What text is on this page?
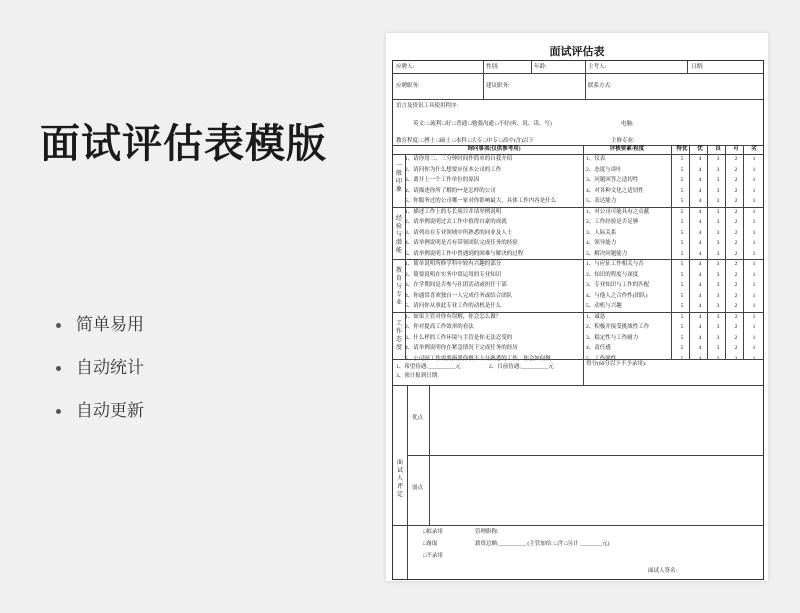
面试评估表模版
简单易用
自动统计
自动更新
面试评估表
应聘人:	性别:	年龄:	主考人:	日期:
应聘职务:	建议职务:	联系方式:
语言及资讯工具使用程序:
英文: □流利 □好 □普通 □勉强沟通 □不好(听、说、读、写)	电脑:
教育程度: □博士 □硕士 □本科 □大专 □中专 □高中(含)以下	主修专业:
询问事项(仅供参考用)	评核要素/程度	特优	优	良	可	劣
一般印象
1、请你用二、三分钟时间作简单的自我介绍	1、仪表	5	4	3	2	1
2、请问你为什么想要应征本公司的工作	2、态度与谈吐	5	4	3	2	1
3、离开上一个工作单位的原因	3、问题回答之适切性	5	4	3	2	1
4、请描述你所了解的**是怎样的公司	4、对各种文化之适切性	5	4	3	2	1
5、你服务过的公司哪一家对你影响最大，具体工作内容是什么	5、表达能力	5	4	3	2	1
经验与潜能
1、描述工作上的专长项目并请举例说明	1、对公司可能具有之贡献	5	4	3	2	1
2、请举例说明过去工作中值得自豪的成就	2、工作经验是否足够	5	4	3	2	1
3、请列出在专业领域中所熟悉的同业及人士	3、人际关系	5	4	3	2	1
4、请举例说明是否有带领团队完成任务的经验	4、领导能力	5	4	3	2	1
5、请举例说明工作中曾遇到的困难与解决的过程	5、解决问题能力	5	4	3	2	1
教育与专业
1、简单说明所修学科中较有兴趣的部分	1、与应征工作相关与否	5	4	3	2	1
2、简要说明在实务中常运用的专业知识	2、知识的程度与深度	5	4	3	2	1
3、在学期间是否参与社团活动或担任干部	3、专业知识与工作的匹配	5	4	3	2	1
4、你通常喜欢独自一人完成任务或结合团队	4、与他人之合作性(团队)	5	4	3	2	1
5、请问你从事此专业工作的动机是什么	5、动机与兴趣	5	4	3	2	1
工作态度
1、如果主管对你有误解，你会怎么做？	1、诚恳	5	4	3	2	1
2、你对提高工作效率的看法	2、积极并接受挑战性工作	5	4	3	2	1
3、什么样的工作环境与主管是你无法忍受的	3、稳定性与工作耐力	5	4	3	2	1
4、请举例说明你在紧急情况下完成任务的经历	4、责任感	5	4	3	2	1
5、公司因工作需要指派你做不十分熟悉的工作，你会如何做	5、工作弹性	5	4	3	2	1
1、希望待遇:__________元	2、目前待遇:__________元
3、预计报到日期:
得分(60分以下不予录用):
面试人评定
优点
弱点
□拟录用
□备取
□不录用
管理职称:
薪资总额:__________ (主管加给: □含 □另计 ________元)
面试人签名:
